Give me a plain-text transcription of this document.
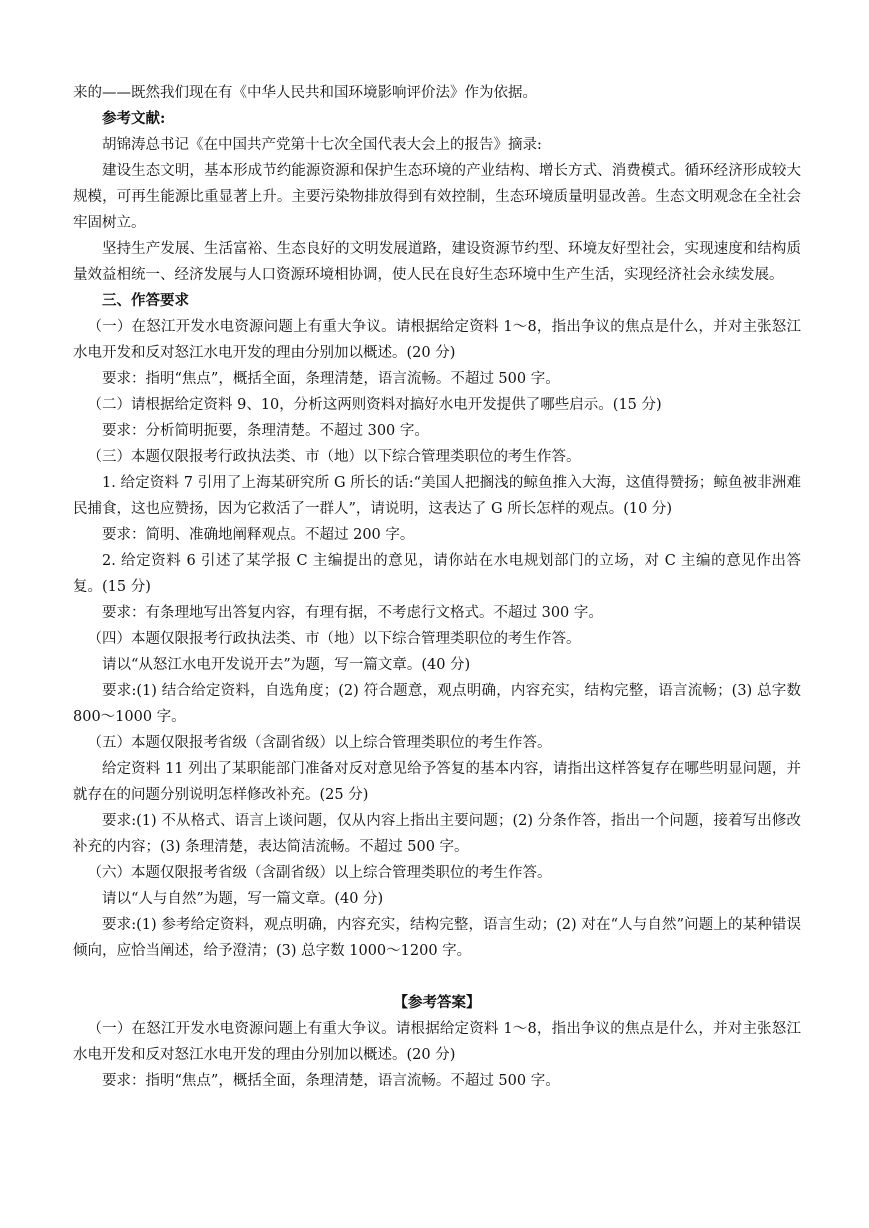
来的——既然我们现在有《中华人民共和国环境影响评价法》作为依据。

参考文献:

胡锦涛总书记《在中国共产党第十七次全国代表大会上的报告》摘录:

建设生态文明，基本形成节约能源资源和保护生态环境的产业结构、增长方式、消费模式。循环经济形成较大规模，可再生能源比重显著上升。主要污染物排放得到有效控制，生态环境质量明显改善。生态文明观念在全社会牢固树立。

坚持生产发展、生活富裕、生态良好的文明发展道路，建设资源节约型、环境友好型社会，实现速度和结构质量效益相统一、经济发展与人口资源环境相协调，使人民在良好生态环境中生产生活，实现经济社会永续发展。

三、作答要求

（一）在怒江开发水电资源问题上有重大争议。请根据给定资料 1～8，指出争议的焦点是什么，并对主张怒江水电开发和反对怒江水电开发的理由分别加以概述。(20 分)

要求：指明“焦点”，概括全面，条理清楚，语言流畅。不超过 500 字。

（二）请根据给定资料 9、10，分析这两则资料对搞好水电开发提供了哪些启示。(15 分)

要求：分析简明扼要，条理清楚。不超过 300 字。

（三）本题仅限报考行政执法类、市（地）以下综合管理类职位的考生作答。

1. 给定资料 7 引用了上海某研究所 G 所长的话:“美国人把搁浅的鲸鱼推入大海，这值得赞扬；鲸鱼被非洲难民捕食，这也应赞扬，因为它救活了一群人”，请说明，这表达了 G 所长怎样的观点。(10 分)

要求：简明、准确地阐释观点。不超过 200 字。

2. 给定资料 6 引述了某学报 C 主编提出的意见，请你站在水电规划部门的立场，对 C 主编的意见作出答复。(15 分)

要求：有条理地写出答复内容，有理有据，不考虑行文格式。不超过 300 字。

（四）本题仅限报考行政执法类、市（地）以下综合管理类职位的考生作答。

请以“从怒江水电开发说开去”为题，写一篇文章。(40 分)

要求:(1) 结合给定资料，自选角度；(2) 符合题意，观点明确，内容充实，结构完整，语言流畅；(3) 总字数 800～1000 字。

（五）本题仅限报考省级（含副省级）以上综合管理类职位的考生作答。

给定资料 11 列出了某职能部门准备对反对意见给予答复的基本内容，请指出这样答复存在哪些明显问题，并就存在的问题分别说明怎样修改补充。(25 分)

要求:(1) 不从格式、语言上谈问题，仅从内容上指出主要问题；(2) 分条作答，指出一个问题，接着写出修改补充的内容；(3) 条理清楚，表达简洁流畅。不超过 500 字。

（六）本题仅限报考省级（含副省级）以上综合管理类职位的考生作答。

请以“人与自然”为题，写一篇文章。(40 分)

要求:(1) 参考给定资料，观点明确，内容充实，结构完整，语言生动；(2) 对在“人与自然”问题上的某种错误倾向，应恰当阐述，给予澄清；(3) 总字数 1000～1200 字。

【参考答案】

（一）在怒江开发水电资源问题上有重大争议。请根据给定资料 1～8，指出争议的焦点是什么，并对主张怒江水电开发和反对怒江水电开发的理由分别加以概述。(20 分)

要求：指明“焦点”，概括全面，条理清楚，语言流畅。不超过 500 字。
